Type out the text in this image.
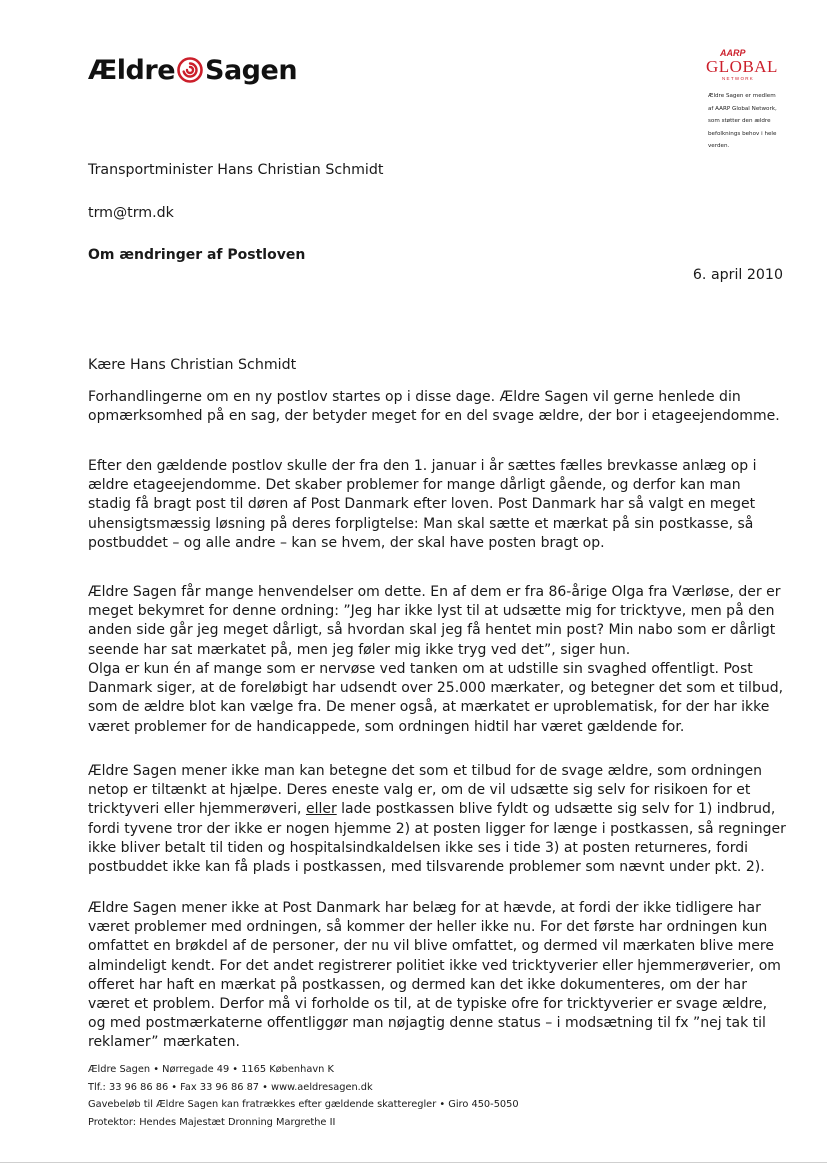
Ældre Sagen
AARP
GLOBAL
NETWORK
Ældre Sagen er medlem
af AARP Global Network,
som støtter den ældre
befolknings behov i hele
verden.
Transportminister Hans Christian Schmidt
trm@trm.dk
Om ændringer af Postloven
6. april 2010
Kære Hans Christian Schmidt
Forhandlingerne om en ny postlov startes op i disse dage. Ældre Sagen vil gerne henlede din opmærksomhed på en sag, der betyder meget for en del svage ældre, der bor i etageejendomme.
Efter den gældende postlov skulle der fra den 1. januar i år sættes fælles brevkasse anlæg op i ældre etageejendomme. Det skaber problemer for mange dårligt gående, og derfor kan man stadig få bragt post til døren af Post Danmark efter loven. Post Danmark har så valgt en meget uhensigtsmæssig løsning på deres forpligtelse: Man skal sætte et mærkat på sin postkasse, så postbuddet – og alle andre – kan se hvem, der skal have posten bragt op.
Ældre Sagen får mange henvendelser om dette. En af dem er fra 86-årige Olga fra Værløse, der er meget bekymret for denne ordning: ”Jeg har ikke lyst til at udsætte mig for tricktyve, men på den anden side går jeg meget dårligt, så hvordan skal jeg få hentet min post? Min nabo som er dårligt seende har sat mærkatet på, men jeg føler mig ikke tryg ved det”, siger hun.
Olga er kun én af mange som er nervøse ved tanken om at udstille sin svaghed offentligt. Post Danmark siger, at de foreløbigt har udsendt over 25.000 mærkater, og betegner det som et tilbud, som de ældre blot kan vælge fra. De mener også, at mærkatet er uproblematisk, for der har ikke været problemer for de handicappede, som ordningen hidtil har været gældende for.
Ældre Sagen mener ikke man kan betegne det som et tilbud for de svage ældre, som ordningen netop er tiltænkt at hjælpe. Deres eneste valg er, om de vil udsætte sig selv for risikoen for et tricktyveri eller hjemmerøveri, eller lade postkassen blive fyldt og udsætte sig selv for 1) indbrud, fordi tyvene tror der ikke er nogen hjemme 2) at posten ligger for længe i postkassen, så regninger ikke bliver betalt til tiden og hospitalsindkaldelsen ikke ses i tide 3) at posten returneres, fordi postbuddet ikke kan få plads i postkassen, med tilsvarende problemer som nævnt under pkt. 2).
Ældre Sagen mener ikke at Post Danmark har belæg for at hævde, at fordi der ikke tidligere har været problemer med ordningen, så kommer der heller ikke nu. For det første har ordningen kun omfattet en brøkdel af de personer, der nu vil blive omfattet, og dermed vil mærkaten blive mere almindeligt kendt. For det andet registrerer politiet ikke ved tricktyverier eller hjemmerøverier, om offeret har haft en mærkat på postkassen, og dermed kan det ikke dokumenteres, om der har været et problem. Derfor må vi forholde os til, at de typiske ofre for tricktyverier er svage ældre, og med postmærkaterne offentliggør man nøjagtig denne status – i modsætning til fx ”nej tak til reklamer” mærkaten.
Ældre Sagen • Nørregade 49 • 1165 København K
Tlf.: 33 96 86 86 • Fax 33 96 86 87 • www.aeldresagen.dk
Gavebeløb til Ældre Sagen kan fratrækkes efter gældende skatteregler • Giro 450-5050
Protektor: Hendes Majestæt Dronning Margrethe II
